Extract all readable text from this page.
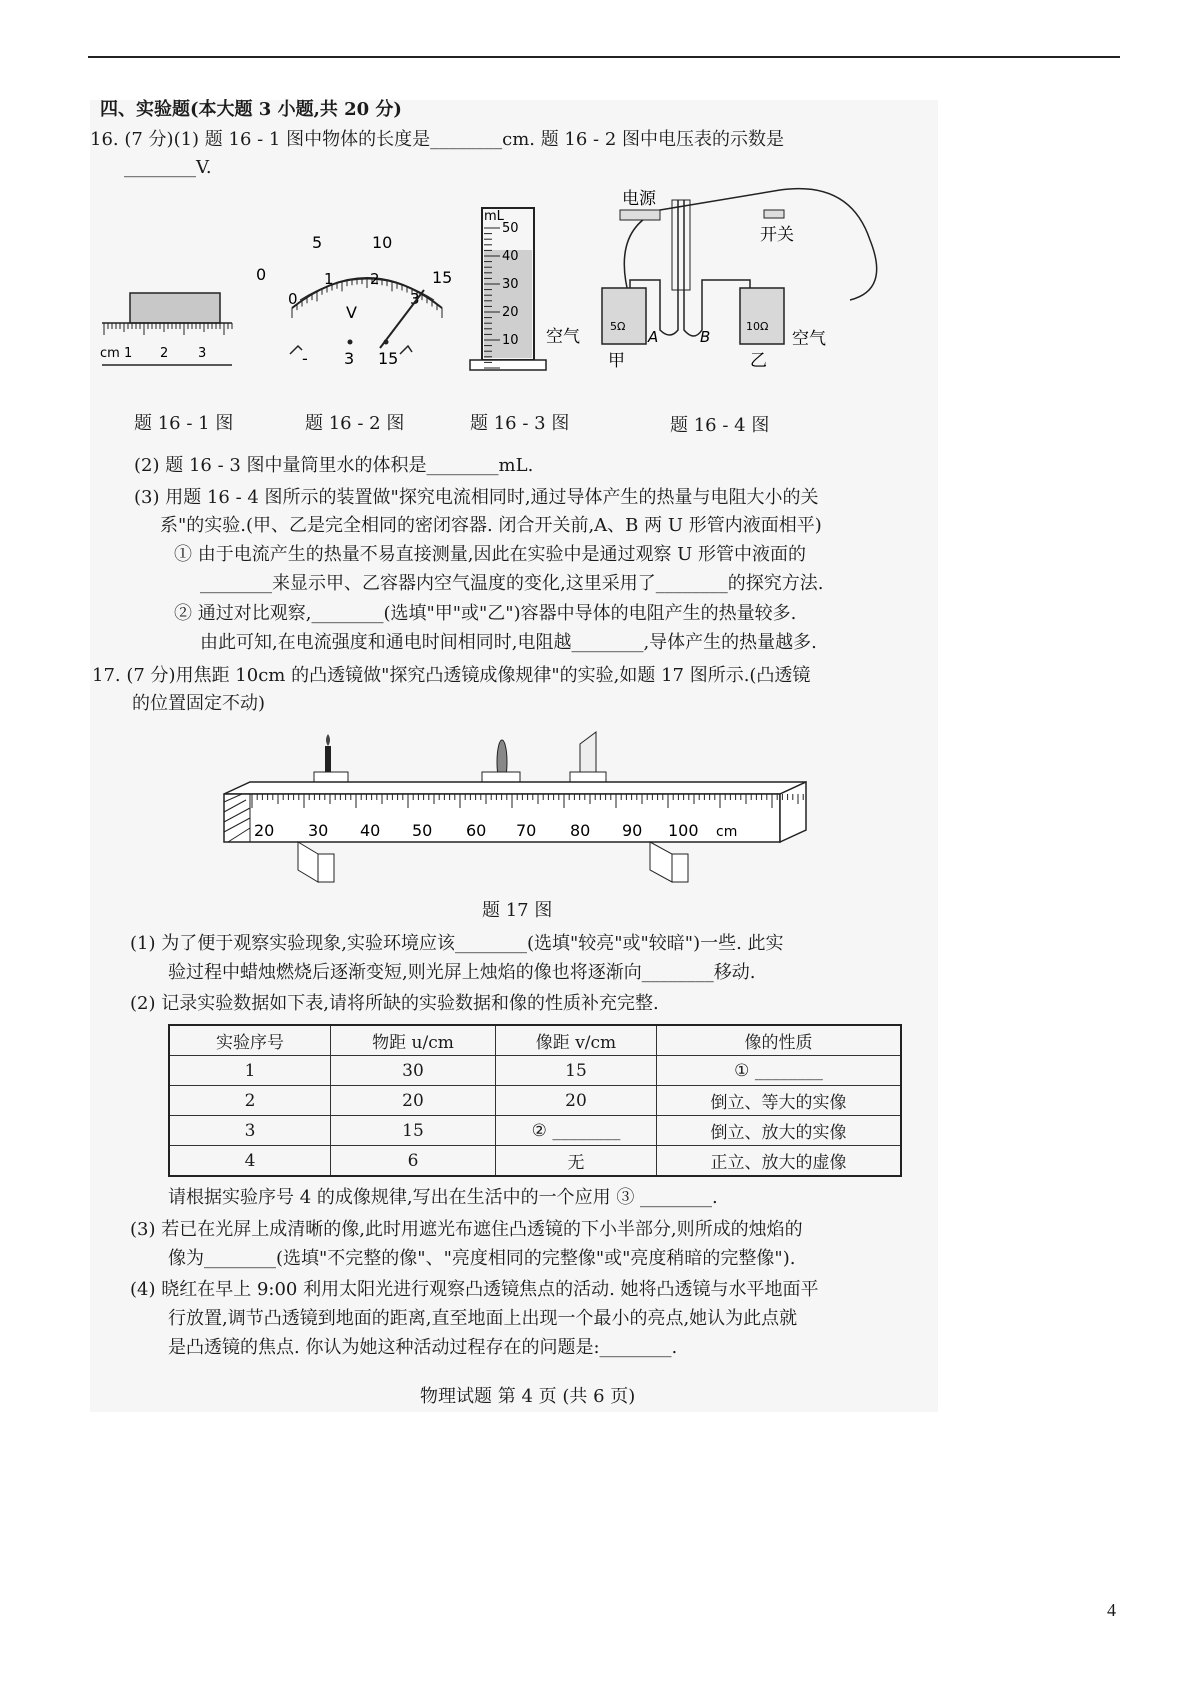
四、实验题(本大题 3 小题,共 20 分)
16. (7 分)(1) 题 16 - 1 图中物体的长度是________cm. 题 16 - 2 图中电压表的示数是
________V.
cm 1 2 3
5	10
15
0
0
1 2
3
V
- 3 15
mL
50
40
30
20
10
电源
开关
5Ω	10Ω
A	B
空气	空气
甲	乙
题 16 - 1 图	题 16 - 2 图	题 16 - 3 图	题 16 - 4 图
(2) 题 16 - 3 图中量筒里水的体积是________mL.
(3) 用题 16 - 4 图所示的装置做"探究电流相同时,通过导体产生的热量与电阻大小的关
系"的实验.(甲、乙是完全相同的密闭容器. 闭合开关前,A、B 两 U 形管内液面相平)
① 由于电流产生的热量不易直接测量,因此在实验中是通过观察 U 形管中液面的
________来显示甲、乙容器内空气温度的变化,这里采用了________的探究方法.
② 通过对比观察,________(选填"甲"或"乙")容器中导体的电阻产生的热量较多.
由此可知,在电流强度和通电时间相同时,电阻越________,导体产生的热量越多.
17. (7 分)用焦距 10cm 的凸透镜做"探究凸透镜成像规律"的实验,如题 17 图所示.(凸透镜
的位置固定不动)
20 30 40 50 60 70 80 90 100 cm
题 17 图
(1) 为了便于观察实验现象,实验环境应该________(选填"较亮"或"较暗")一些. 此实
验过程中蜡烛燃烧后逐渐变短,则光屏上烛焰的像也将逐渐向________移动.
(2) 记录实验数据如下表,请将所缺的实验数据和像的性质补充完整.
实验序号	物距 u/cm	像距 v/cm	像的性质
1	30	15	① ________
2	20	20	倒立、等大的实像
3	15	② ________	倒立、放大的实像
4	6	无	正立、放大的虚像
请根据实验序号 4 的成像规律,写出在生活中的一个应用 ③ ________.
(3) 若已在光屏上成清晰的像,此时用遮光布遮住凸透镜的下小半部分,则所成的烛焰的
像为________(选填"不完整的像"、"亮度相同的完整像"或"亮度稍暗的完整像").
(4) 晓红在早上 9:00 利用太阳光进行观察凸透镜焦点的活动. 她将凸透镜与水平地面平
行放置,调节凸透镜到地面的距离,直至地面上出现一个最小的亮点,她认为此点就
是凸透镜的焦点. 你认为她这种活动过程存在的问题是:________.
物理试题 第 4 页 (共 6 页)
4
